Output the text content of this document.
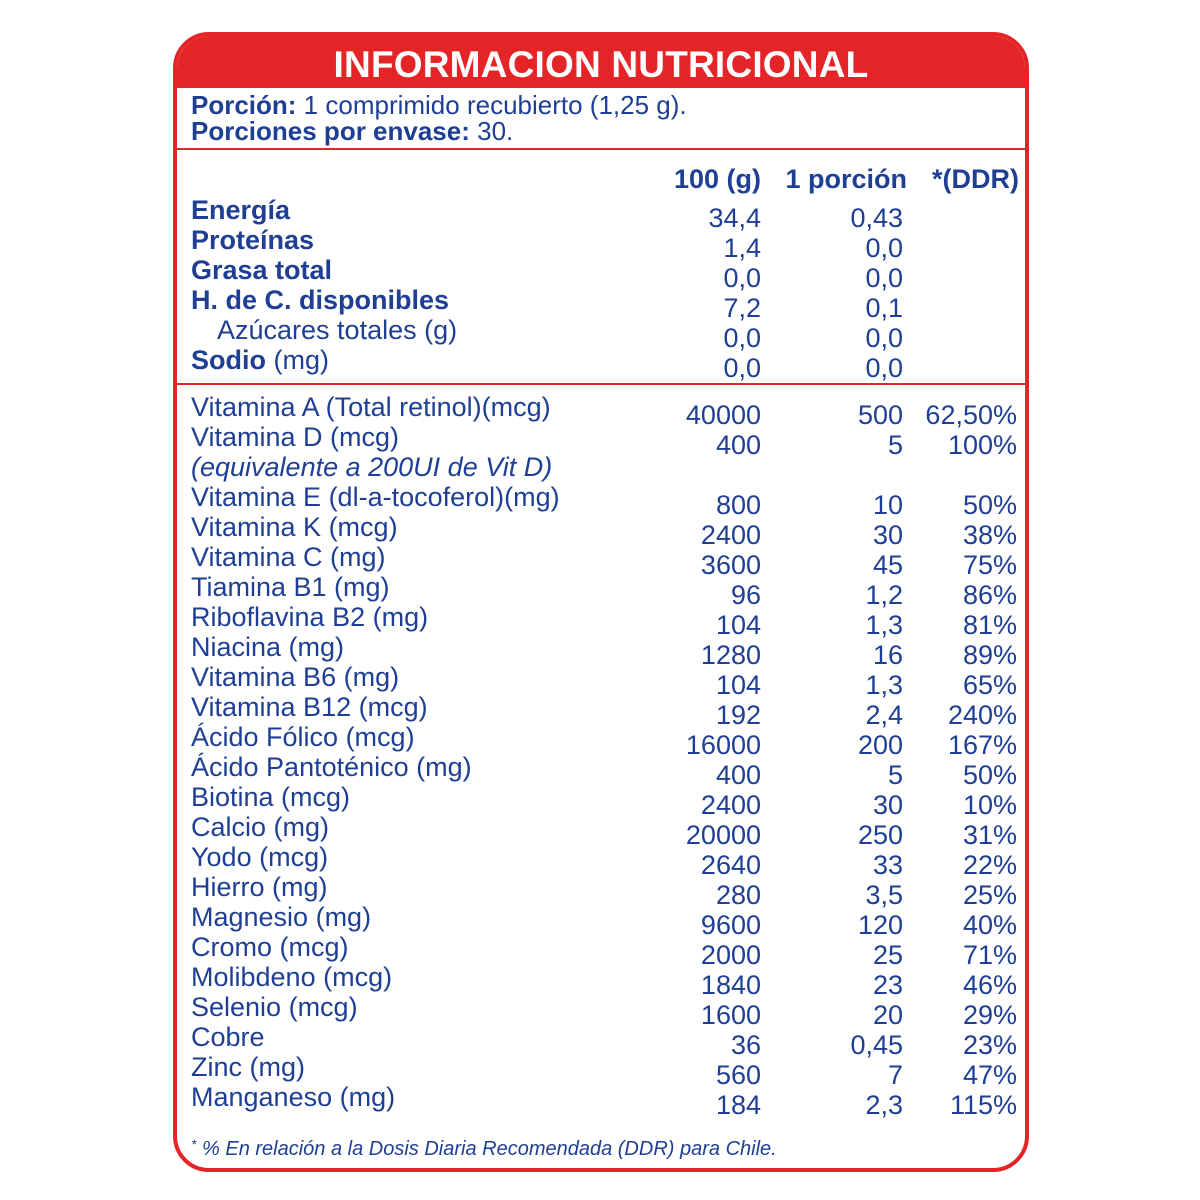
INFORMACION NUTRICIONAL
Porción: 1 comprimido recubierto (1,25 g).
Porciones por envase: 30.
100 (g) 1 porción *(DDR)
Energía	34,4	0,43
Proteínas	1,4	0,0
Grasa total	0,0	0,0
H. de C. disponibles	7,2	0,1
Azúcares totales (g)	0,0	0,0
Sodio (mg)	0,0	0,0
Vitamina A (Total retinol)(mcg)	40000	500 62,50%
Vitamina D (mcg)	400	5 100%
(equivalente a 200UI de Vit D)
Vitamina E (dl-a-tocoferol)(mg)	800	10 50%
Vitamina K (mcg)	2400	30 38%
Vitamina C (mg)	3600	45 75%
Tiamina B1 (mg)	96	1,2 86%
Riboflavina B2 (mg)	104	1,3 81%
Niacina (mg)	1280	16 89%
Vitamina B6 (mg)	104	1,3 65%
Vitamina B12 (mcg)	192	2,4 240%
Ácido Fólico (mcg)	16000	200 167%
Ácido Pantoténico (mg)	400	5 50%
Biotina (mcg)	2400	30 10%
Calcio (mg)	20000	250 31%
Yodo (mcg)	2640	33 22%
Hierro (mg)	280	3,5 25%
Magnesio (mg)	9600	120 40%
Cromo (mcg)	2000	25 71%
Molibdeno (mcg)	1840	23 46%
Selenio (mcg)	1600	20 29%
Cobre	36	0,45 23%
Zinc (mg)	560	7 47%
Manganeso (mg)	184	2,3 115%
* % En relación a la Dosis Diaria Recomendada (DDR) para Chile.
